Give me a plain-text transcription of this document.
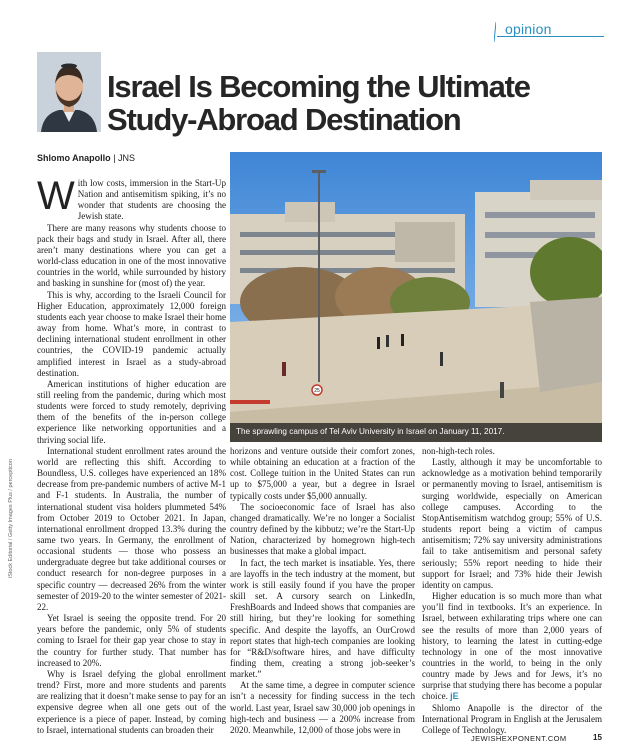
opinion
Israel Is Becoming the Ultimate
Study-Abroad Destination
Shlomo Anapollo | JNS
25
The sprawling campus of Tel Aviv University in Israel on January 11, 2017.
iStock Editorial / Getty Images Plus / percepticon

With low costs, immersion in the Start-Up Nation and antisemitism spiking, it’s no wonder that students are choosing the Jewish state.

There are many reasons why students choose to pack their bags and study in Israel. After all, there aren’t many destinations where you can get a world-class education in one of the most innovative countries in the world, while surrounded by history and basking in sunshine for (most of) the year.

This is why, according to the Israeli Council for Higher Education, approximately 12,000 foreign students each year choose to make Israel their home away from home. What’s more, in contrast to declining international student enrollment in other countries, the COVID-19 pandemic actually amplified interest in Israel as a study-abroad destination.

American institutions of higher education are still reeling from the pandemic, during which most students were forced to study remotely, depriving them of the benefits of the in-person college experience like networking opportunities and a thriving social life.

International student enrollment rates around the world are reflecting this shift. According to Boundless, U.S. colleges have experienced an 18% decrease from pre-pandemic numbers of active M-1 and F-1 students. In Australia, the number of international student visa holders plummeted 54% from October 2019 to October 2021. In Japan, international enrollment dropped 13.3% during the same two years. In Germany, the enrollment of occasional students — those who possess an undergraduate degree but take additional courses or conduct research for non-degree purposes in a specific country — decreased 26% from the winter semester of 2019-20 to the winter semester of 2021-22.

Yet Israel is seeing the opposite trend. For 20 years before the pandemic, only 5% of students coming to Israel for their gap year chose to stay in the country for further study. That number has increased to 20%.

Why is Israel defying the global enrollment trend? First, more and more students and parents are realizing that it doesn’t make sense to pay for an expensive degree when all one gets out of the experience is a piece of paper. Instead, by coming to Israel, international students can broaden their

horizons and venture outside their comfort zones, while obtaining an education at a fraction of the cost. College tuition in the United States can run up to $75,000 a year, but a degree in Israel typically costs under $5,000 annually.

The socioeconomic face of Israel has also changed dramatically. We’re no longer a Socialist country defined by the kibbutz; we’re the Start-Up Nation, characterized by homegrown high-tech businesses that make a global impact.

In fact, the tech market is insatiable. Yes, there are layoffs in the tech industry at the moment, but work is still easily found if you have the proper skill set. A cursory search on LinkedIn, FreshBoards and Indeed shows that companies are still hiring, but they’re looking for something specific. And despite the layoffs, an OurCrowd report states that high-tech companies are looking for “R&D/software hires, and have difficulty finding them, creating a strong job-seeker’s market.”

At the same time, a degree in computer science isn’t a necessity for finding success in the tech world. Last year, Israel saw 30,000 job openings in high-tech and business — a 200% increase from 2020. Meanwhile, 12,000 of those jobs were in

non-high-tech roles.

Lastly, although it may be uncomfortable to acknowledge as a motivation behind temporarily or permanently moving to Israel, antisemitism is surging worldwide, especially on American college campuses. According to the StopAntisemitism watchdog group; 55% of U.S. students report being a victim of campus antisemitism; 72% say university administrations fail to take antisemitism and personal safety seriously; 55% report needing to hide their support for Israel; and 73% hide their Jewish identity on campus.

Higher education is so much more than what you’ll find in textbooks. It’s an experience. In Israel, between exhilarating trips where one can see the results of more than 2,000 years of history, to learning the latest in cutting-edge technology in one of the most innovative countries in the world, to being in the only country made by Jews and for Jews, it’s no surprise that studying there has become a popular choice. jE

Shlomo Anapolle is the director of the International Program in English at the Jerusalem College of Technology.

JEWISHEXPONENT.COM	15
